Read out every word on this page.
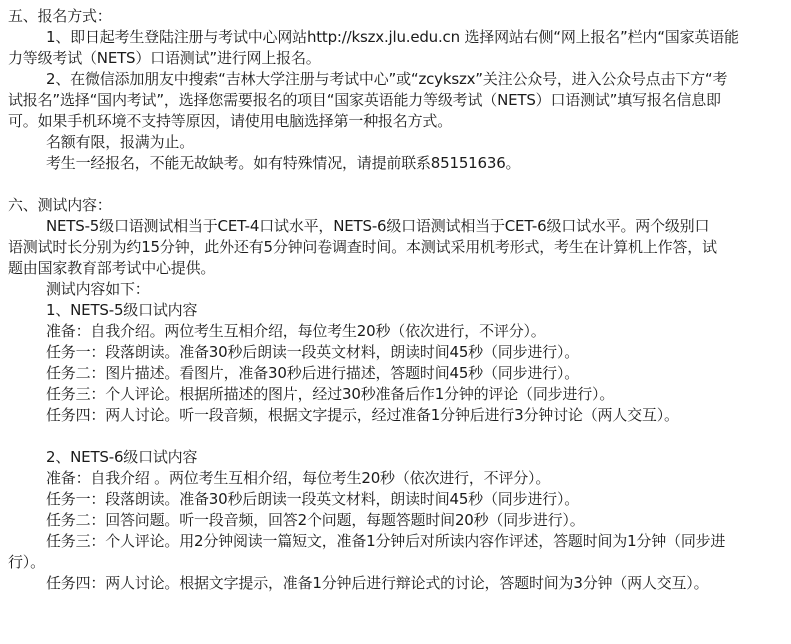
五、报名方式：
1、即日起考生登陆注册与考试中心网站http://kszx.jlu.edu.cn 选择网站右侧“网上报名”栏内“国家英语能
力等级考试（NETS）口语测试”进行网上报名。
2、在微信添加朋友中搜索“吉林大学注册与考试中心”或“zcykszx”关注公众号，进入公众号点击下方“考
试报名”选择“国内考试”，选择您需要报名的项目“国家英语能力等级考试（NETS）口语测试”填写报名信息即
可。如果手机环境不支持等原因，请使用电脑选择第一种报名方式。
名额有限，报满为止。
考生一经报名，不能无故缺考。如有特殊情况，请提前联系85151636。
六、测试内容：
NETS-5级口语测试相当于CET-4口试水平，NETS-6级口语测试相当于CET-6级口试水平。两个级别口
语测试时长分别为约15分钟，此外还有5分钟问卷调查时间。本测试采用机考形式，考生在计算机上作答，试
题由国家教育部考试中心提供。
测试内容如下：
1、NETS-5级口试内容
准备：自我介绍。两位考生互相介绍，每位考生20秒（依次进行，不评分）。
任务一：段落朗读。准备30秒后朗读一段英文材料，朗读时间45秒（同步进行）。
任务二：图片描述。看图片，准备30秒后进行描述，答题时间45秒（同步进行）。
任务三：个人评论。根据所描述的图片，经过30秒准备后作1分钟的评论（同步进行）。
任务四：两人讨论。听一段音频，根据文字提示，经过准备1分钟后进行3分钟讨论（两人交互）。
2、NETS-6级口试内容
准备：自我介绍 。两位考生互相介绍，每位考生20秒（依次进行，不评分）。
任务一：段落朗读。准备30秒后朗读一段英文材料，朗读时间45秒（同步进行）。
任务二：回答问题。听一段音频，回答2个问题，每题答题时间20秒（同步进行）。
任务三：个人评论。用2分钟阅读一篇短文，准备1分钟后对所读内容作评述，答题时间为1分钟（同步进
行）。
任务四：两人讨论。根据文字提示，准备1分钟后进行辩论式的讨论，答题时间为3分钟（两人交互）。
